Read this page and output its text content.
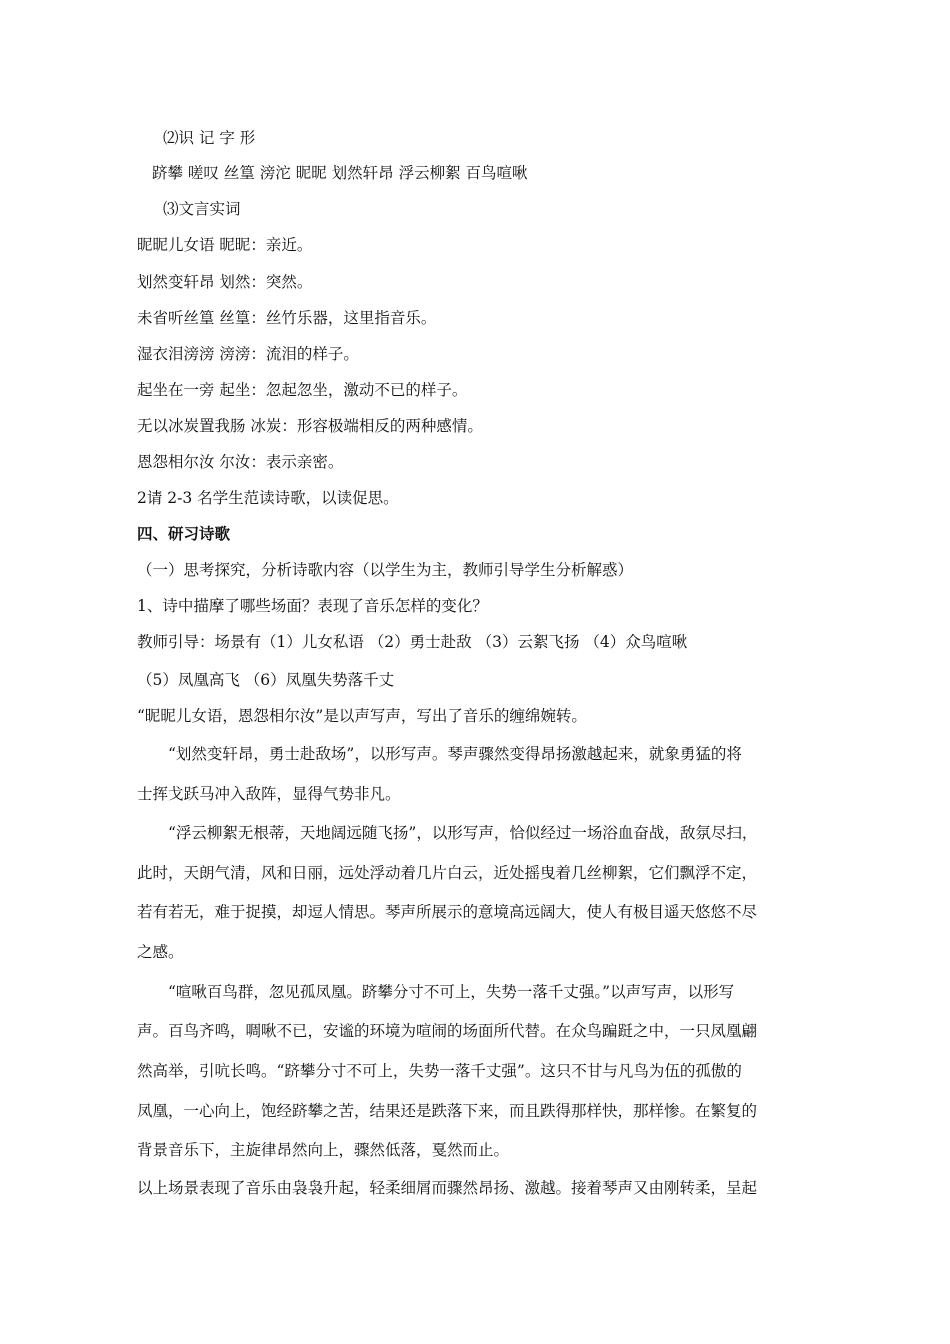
⑵识 记 字 形
跻攀 嗟叹 丝篁 滂沱 昵昵 划然轩昂 浮云柳絮 百鸟喧啾
⑶文言实词
昵昵儿女语 昵昵：亲近。
划然变轩昂 划然：突然。
未省听丝篁 丝篁：丝竹乐器，这里指音乐。
湿衣泪滂滂 滂滂：流泪的样子。
起坐在一旁 起坐：忽起忽坐，激动不已的样子。
无以冰炭置我肠 冰炭：形容极端相反的两种感情。
恩怨相尔汝 尔汝：表示亲密。
2请 2-3 名学生范读诗歌，以读促思。
四、研习诗歌
（一）思考探究，分析诗歌内容（以学生为主，教师引导学生分析解惑）
1、诗中描摩了哪些场面？表现了音乐怎样的变化？
教师引导：场景有（1）儿女私语 （2）勇士赴敌 （3）云絮飞扬 （4）众鸟喧啾
（5）凤凰高飞 （6）凤凰失势落千丈
“昵昵儿女语，恩怨相尔汝”是以声写声，写出了音乐的缠绵婉转。
“划然变轩昂，勇士赴敌场”，以形写声。琴声骤然变得昂扬激越起来，就象勇猛的将
士挥戈跃马冲入敌阵，显得气势非凡。
“浮云柳絮无根蒂，天地阔远随飞扬”，以形写声，恰似经过一场浴血奋战，敌氛尽扫，
此时，天朗气清，风和日丽，远处浮动着几片白云，近处摇曳着几丝柳絮，它们飘浮不定，
若有若无，难于捉摸，却逗人情思。琴声所展示的意境高远阔大，使人有极目遥天悠悠不尽
之感。
“喧啾百鸟群，忽见孤凤凰。跻攀分寸不可上，失势一落千丈强。”以声写声，以形写
声。百鸟齐鸣，啁啾不已，安谧的环境为喧闹的场面所代替。在众鸟蹁跹之中，一只凤凰翩
然高举，引吭长鸣。“跻攀分寸不可上，失势一落千丈强”。这只不甘与凡鸟为伍的孤傲的
凤凰，一心向上，饱经跻攀之苦，结果还是跌落下来，而且跌得那样快，那样惨。在繁复的
背景音乐下，主旋律昂然向上，骤然低落，戛然而止。
以上场景表现了音乐由袅袅升起，轻柔细屑而骤然昂扬、激越。接着琴声又由刚转柔，呈起
